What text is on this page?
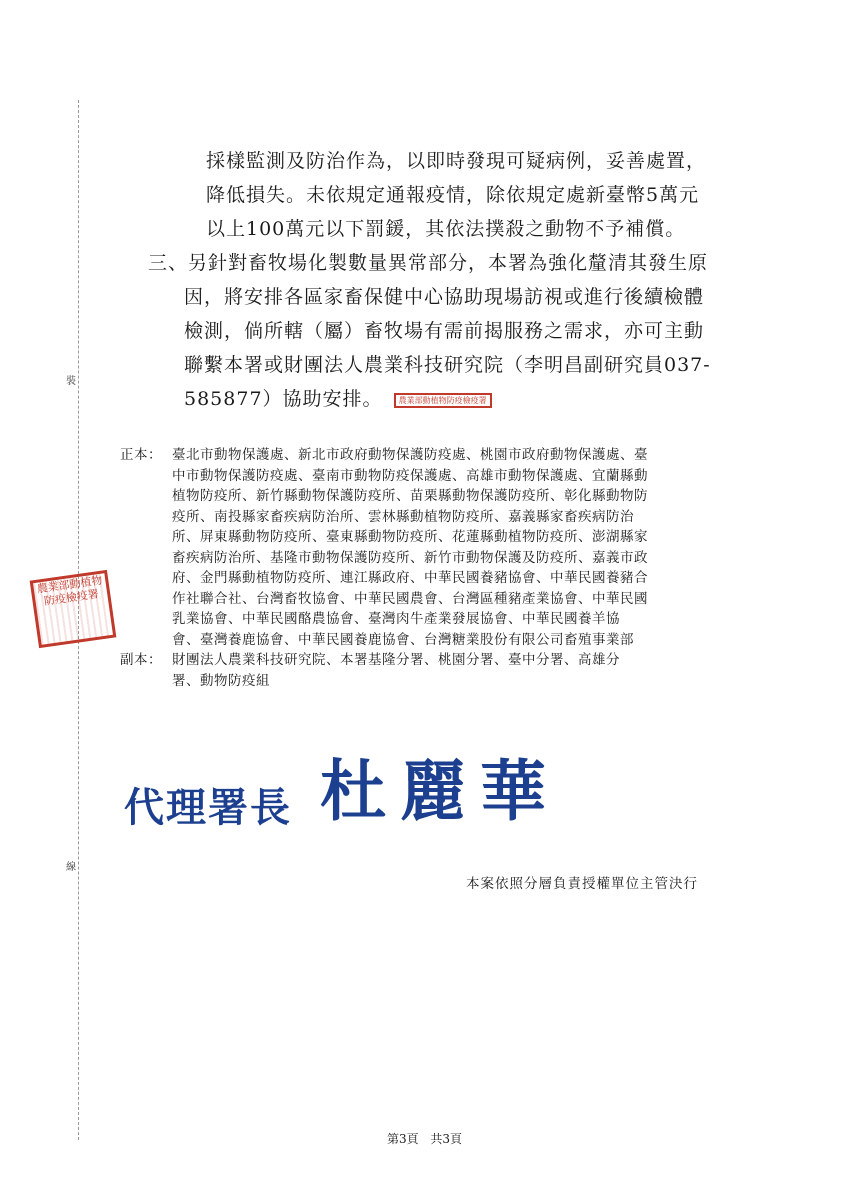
裝
線
採樣監測及防治作為，以即時發現可疑病例，妥善處置，
降低損失。未依規定通報疫情，除依規定處新臺幣5萬元
以上100萬元以下罰鍰，其依法撲殺之動物不予補償。
三、另針對畜牧場化製數量異常部分，本署為強化釐清其發生原
因，將安排各區家畜保健中心協助現場訪視或進行後續檢體
檢測，倘所轄（屬）畜牧場有需前揭服務之需求，亦可主動
聯繫本署或財團法人農業科技研究院（李明昌副研究員037-
585877）協助安排。 農業部動植物防疫檢疫署
正本： 臺北市動物保護處、新北市政府動物保護防疫處、桃園市政府動物保護處、臺
中市動物保護防疫處、臺南市動物防疫保護處、高雄市動物保護處、宜蘭縣動
植物防疫所、新竹縣動物保護防疫所、苗栗縣動物保護防疫所、彰化縣動物防
疫所、南投縣家畜疾病防治所、雲林縣動植物防疫所、嘉義縣家畜疾病防治
所、屏東縣動物防疫所、臺東縣動物防疫所、花蓮縣動植物防疫所、澎湖縣家
畜疾病防治所、基隆市動物保護防疫所、新竹市動物保護及防疫所、嘉義市政
府、金門縣動植物防疫所、連江縣政府、中華民國養豬協會、中華民國養豬合
作社聯合社、台灣畜牧協會、中華民國農會、台灣區種豬產業協會、中華民國
乳業協會、中華民國酪農協會、臺灣肉牛產業發展協會、中華民國養羊協
會、臺灣養鹿協會、中華民國養鹿協會、台灣糖業股份有限公司畜殖事業部
副本： 財團法人農業科技研究院、本署基隆分署、桃園分署、臺中分署、高雄分
署、動物防疫組
農業部動植物防疫檢疫署
代理署長 杜麗華
本案依照分層負責授權單位主管決行
第3頁 共3頁
